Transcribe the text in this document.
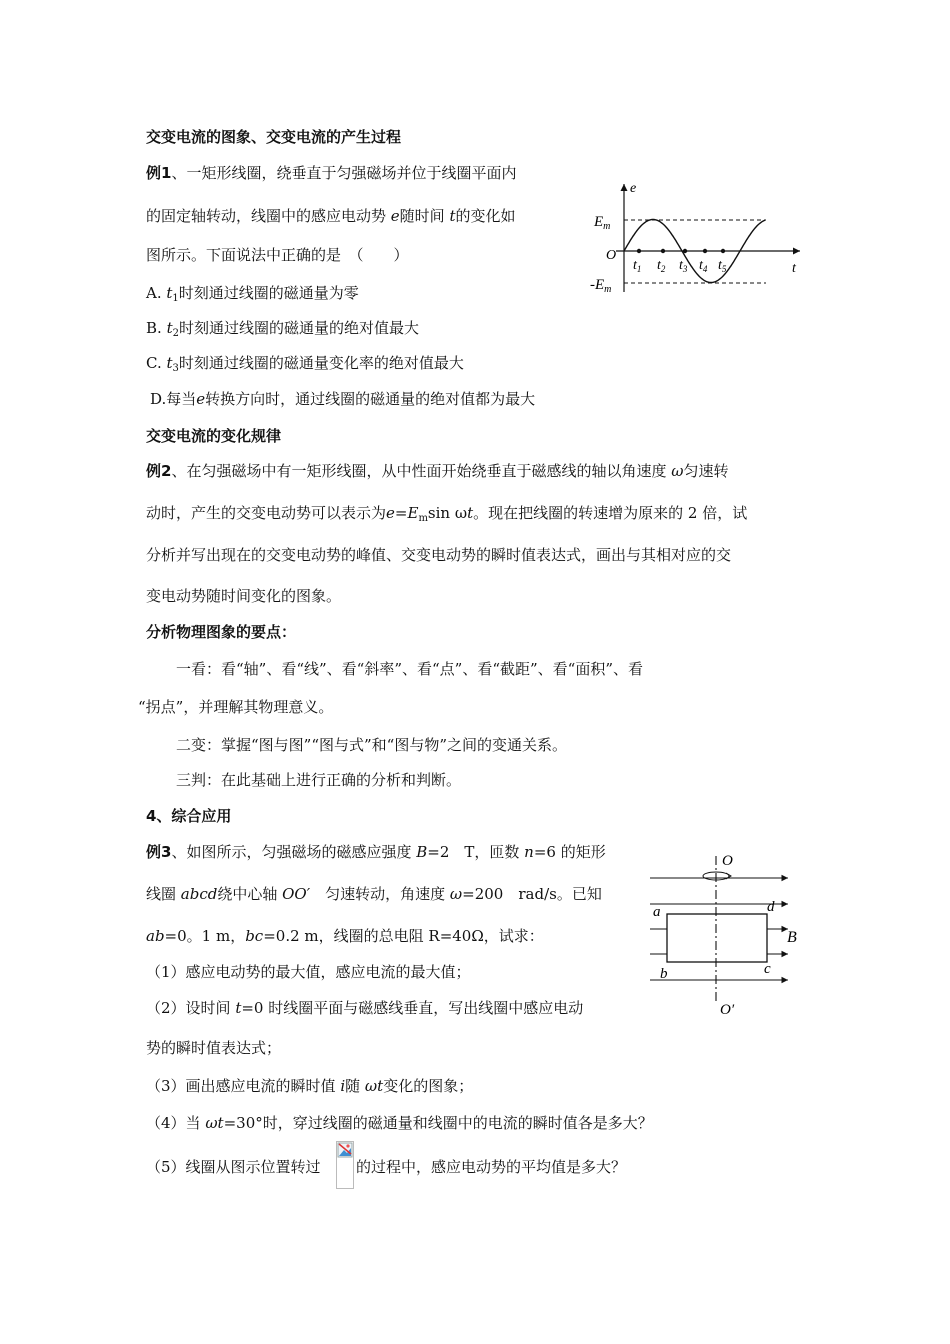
交变电流的图象、交变电流的产生过程
例1、一矩形线圈，绕垂直于匀强磁场并位于线圈平面内
的固定轴转动，线圈中的感应电动势 e随时间 t的变化如
图所示。下面说法中正确的是　（　　）
A. $t_1$时刻通过线圈的磁通量为零
B. $t_2$时刻通过线圈的磁通量的绝对值最大
C. $t_3$时刻通过线圈的磁通量变化率的绝对值最大
D.每当e转换方向时，通过线圈的磁通量的绝对值都为最大
e
t
O
$E_m$
$-E_m$
$t_1$ $t_2$ $t_3$ $t_4$ $t_5$
交变电流的变化规律
例2、在匀强磁场中有一矩形线圈，从中性面开始绕垂直于磁感线的轴以角速度 ω匀速转
动时，产生的交变电动势可以表示为$e=E_m\sin$ ωt。现在把线圈的转速增为原来的 2 倍，试
分析并写出现在的交变电动势的峰值、交变电动势的瞬时值表达式，画出与其相对应的交
变电动势随时间变化的图象。
分析物理图象的要点：
一看：看“轴”、看“线”、看“斜率”、看“点”、看“截距”、看“面积”、看
“拐点”，并理解其物理意义。
二变：掌握“图与图”“图与式”和“图与物”之间的变通关系。
三判：在此基础上进行正确的分析和判断。
4、综合应用
例3、如图所示，匀强磁场的磁感应强度 B=2　T，匝数 n=6 的矩形
线圈 abcd绕中心轴 OO′　匀速转动，角速度 ω=200　rad/s。已知
ab=0。1 m，bc=0.2 m，线圈的总电阻 R=40Ω，试求：
（1）感应电动势的最大值，感应电流的最大值；
（2）设时间 t=0 时线圈平面与磁感线垂直，写出线圈中感应电动
势的瞬时值表达式；
（3）画出感应电流的瞬时值 i随 ωt变化的图象；
（4）当 ωt=30°时，穿过线圈的磁通量和线圈中的电流的瞬时值各是多大？
（5）线圈从图示位置转过 的过程中，感应电动势的平均值是多大？
O
O′
a
b	c
d
B
